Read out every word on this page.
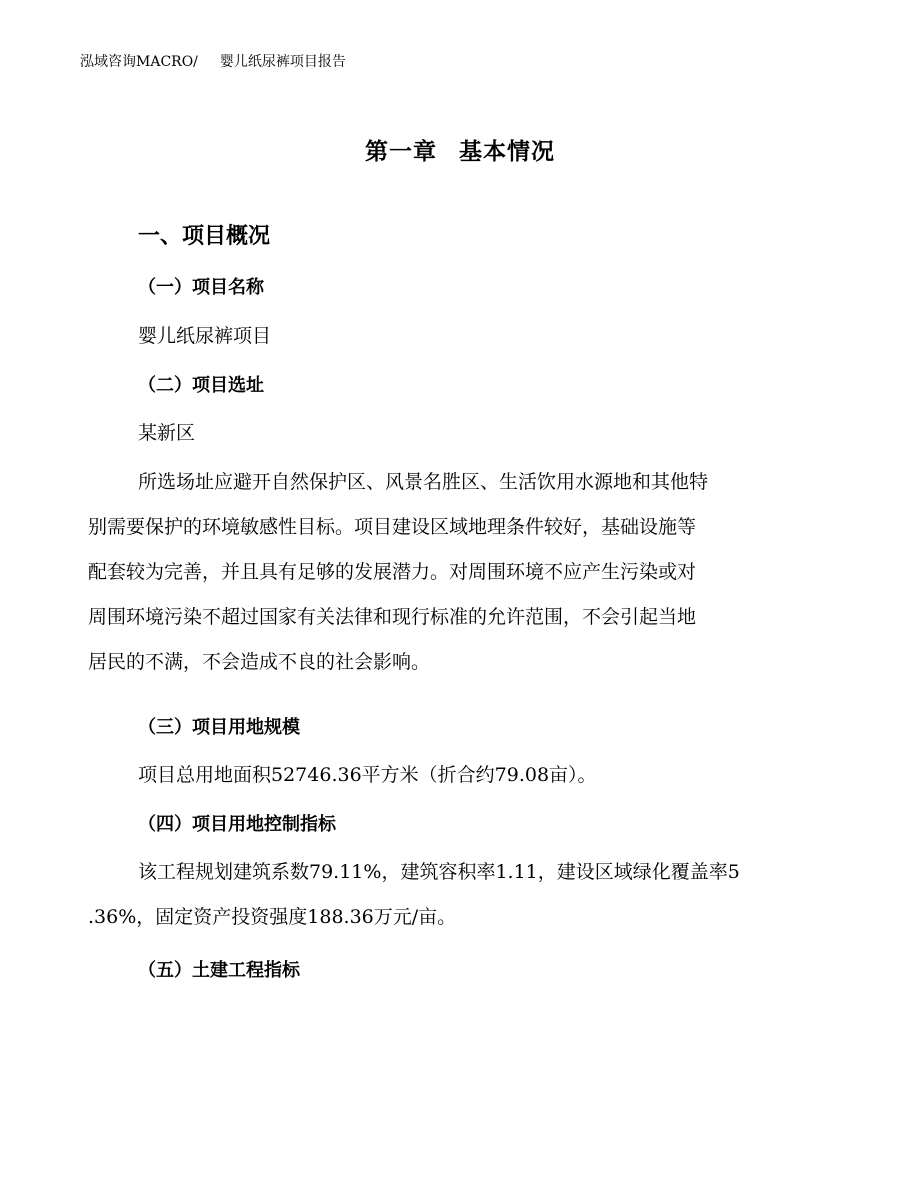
泓域咨询MACRO/ 婴儿纸尿裤项目报告
第一章 基本情况
一、项目概况
（一）项目名称
婴儿纸尿裤项目
（二）项目选址
某新区
所选场址应避开自然保护区、风景名胜区、生活饮用水源地和其他特
别需要保护的环境敏感性目标。项目建设区域地理条件较好，基础设施等
配套较为完善，并且具有足够的发展潜力。对周围环境不应产生污染或对
周围环境污染不超过国家有关法律和现行标准的允许范围，不会引起当地
居民的不满，不会造成不良的社会影响。
（三）项目用地规模
项目总用地面积52746.36平方米（折合约79.08亩）。
（四）项目用地控制指标
该工程规划建筑系数79.11%，建筑容积率1.11，建设区域绿化覆盖率5
.36%，固定资产投资强度188.36万元/亩。
（五）土建工程指标
